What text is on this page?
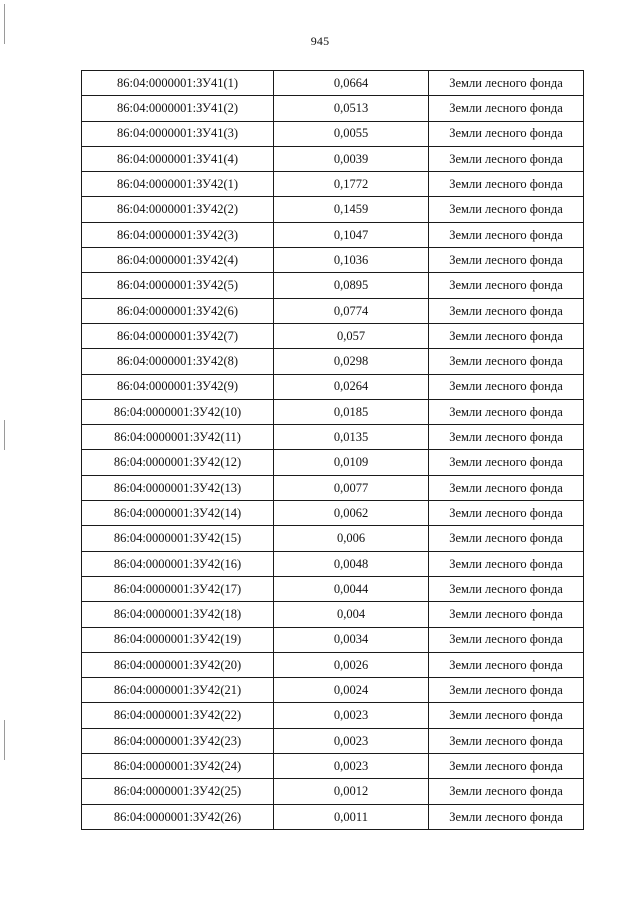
945
86:04:0000001:ЗУ41(1)	0,0664	Земли лесного фонда
86:04:0000001:ЗУ41(2)	0,0513	Земли лесного фонда
86:04:0000001:ЗУ41(3)	0,0055	Земли лесного фонда
86:04:0000001:ЗУ41(4)	0,0039	Земли лесного фонда
86:04:0000001:ЗУ42(1)	0,1772	Земли лесного фонда
86:04:0000001:ЗУ42(2)	0,1459	Земли лесного фонда
86:04:0000001:ЗУ42(3)	0,1047	Земли лесного фонда
86:04:0000001:ЗУ42(4)	0,1036	Земли лесного фонда
86:04:0000001:ЗУ42(5)	0,0895	Земли лесного фонда
86:04:0000001:ЗУ42(6)	0,0774	Земли лесного фонда
86:04:0000001:ЗУ42(7)	0,057	Земли лесного фонда
86:04:0000001:ЗУ42(8)	0,0298	Земли лесного фонда
86:04:0000001:ЗУ42(9)	0,0264	Земли лесного фонда
86:04:0000001:ЗУ42(10)	0,0185	Земли лесного фонда
86:04:0000001:ЗУ42(11)	0,0135	Земли лесного фонда
86:04:0000001:ЗУ42(12)	0,0109	Земли лесного фонда
86:04:0000001:ЗУ42(13)	0,0077	Земли лесного фонда
86:04:0000001:ЗУ42(14)	0,0062	Земли лесного фонда
86:04:0000001:ЗУ42(15)	0,006	Земли лесного фонда
86:04:0000001:ЗУ42(16)	0,0048	Земли лесного фонда
86:04:0000001:ЗУ42(17)	0,0044	Земли лесного фонда
86:04:0000001:ЗУ42(18)	0,004	Земли лесного фонда
86:04:0000001:ЗУ42(19)	0,0034	Земли лесного фонда
86:04:0000001:ЗУ42(20)	0,0026	Земли лесного фонда
86:04:0000001:ЗУ42(21)	0,0024	Земли лесного фонда
86:04:0000001:ЗУ42(22)	0,0023	Земли лесного фонда
86:04:0000001:ЗУ42(23)	0,0023	Земли лесного фонда
86:04:0000001:ЗУ42(24)	0,0023	Земли лесного фонда
86:04:0000001:ЗУ42(25)	0,0012	Земли лесного фонда
86:04:0000001:ЗУ42(26)	0,0011	Земли лесного фонда
